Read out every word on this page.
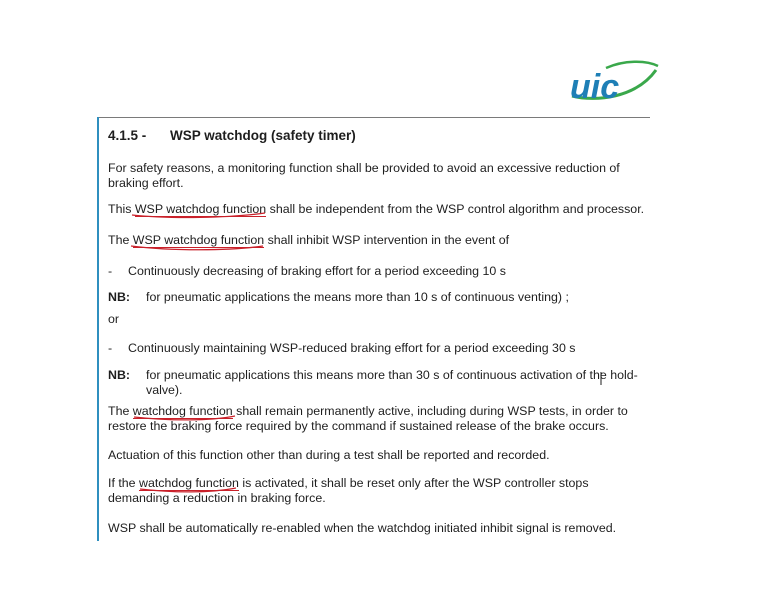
uic
4.1.5 - WSP watchdog (safety timer)
For safety reasons, a monitoring function shall be provided to avoid an excessive reduction of braking effort.
This WSP watchdog function shall be independent from the WSP control algorithm and processor.
The WSP watchdog function shall inhibit WSP intervention in the event of
- Continuously decreasing of braking effort for a period exceeding 10 s
NB: for pneumatic applications the means more than 10 s of continuous venting) ;
or
- Continuously maintaining WSP-reduced braking effort for a period exceeding 30 s
NB: for pneumatic applications this means more than 30 s of continuous activation of the hold-valve).
The watchdog function shall remain permanently active, including during WSP tests, in order to restore the braking force required by the command if sustained release of the brake occurs.
Actuation of this function other than during a test shall be reported and recorded.
If the watchdog function is activated, it shall be reset only after the WSP controller stops demanding a reduction in braking force.
WSP shall be automatically re-enabled when the watchdog initiated inhibit signal is removed.
